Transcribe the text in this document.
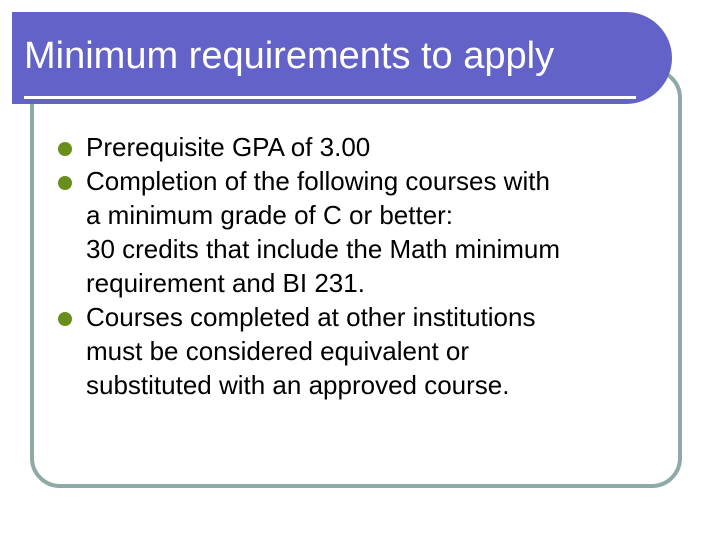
Minimum requirements to apply
Prerequisite GPA of 3.00
Completion of the following courses with
a minimum grade of C or better:
30 credits that include the Math minimum
requirement and BI 231.
Courses completed at other institutions
must be considered equivalent or
substituted with an approved course.
